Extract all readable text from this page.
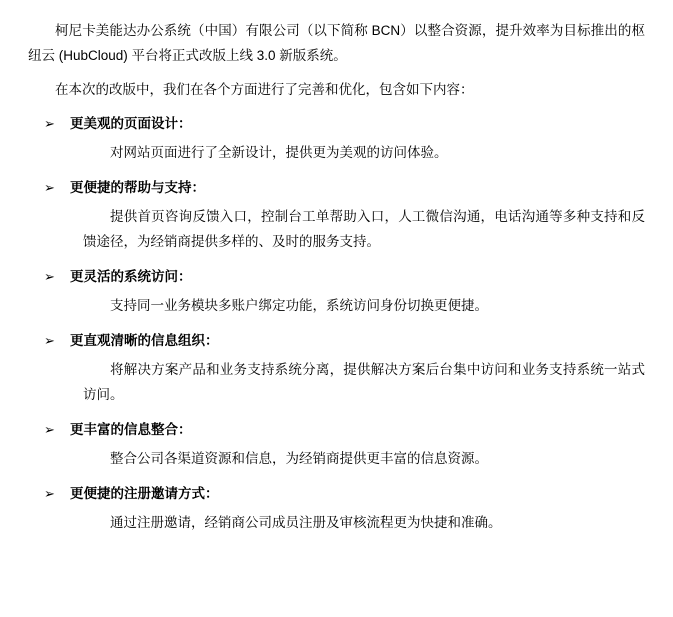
柯尼卡美能达办公系统（中国）有限公司（以下简称 BCN）以整合资源，提升效率为目标推出的枢纽云 (HubCloud) 平台将正式改版上线 3.0 新版系统。

在本次的改版中，我们在各个方面进行了完善和优化，包含如下内容：

➢	更美观的页面设计：

对网站页面进行了全新设计，提供更为美观的访问体验。

➢	更便捷的帮助与支持：

提供首页咨询反馈入口，控制台工单帮助入口，人工微信沟通，电话沟通等多种支持和反馈途径，为经销商提供多样的、及时的服务支持。

➢	更灵活的系统访问：

支持同一业务模块多账户绑定功能，系统访问身份切换更便捷。

➢	更直观清晰的信息组织：

将解决方案产品和业务支持系统分离，提供解决方案后台集中访问和业务支持系统一站式访问。

➢	更丰富的信息整合：

整合公司各渠道资源和信息，为经销商提供更丰富的信息资源。

➢	更便捷的注册邀请方式：

通过注册邀请，经销商公司成员注册及审核流程更为快捷和准确。
